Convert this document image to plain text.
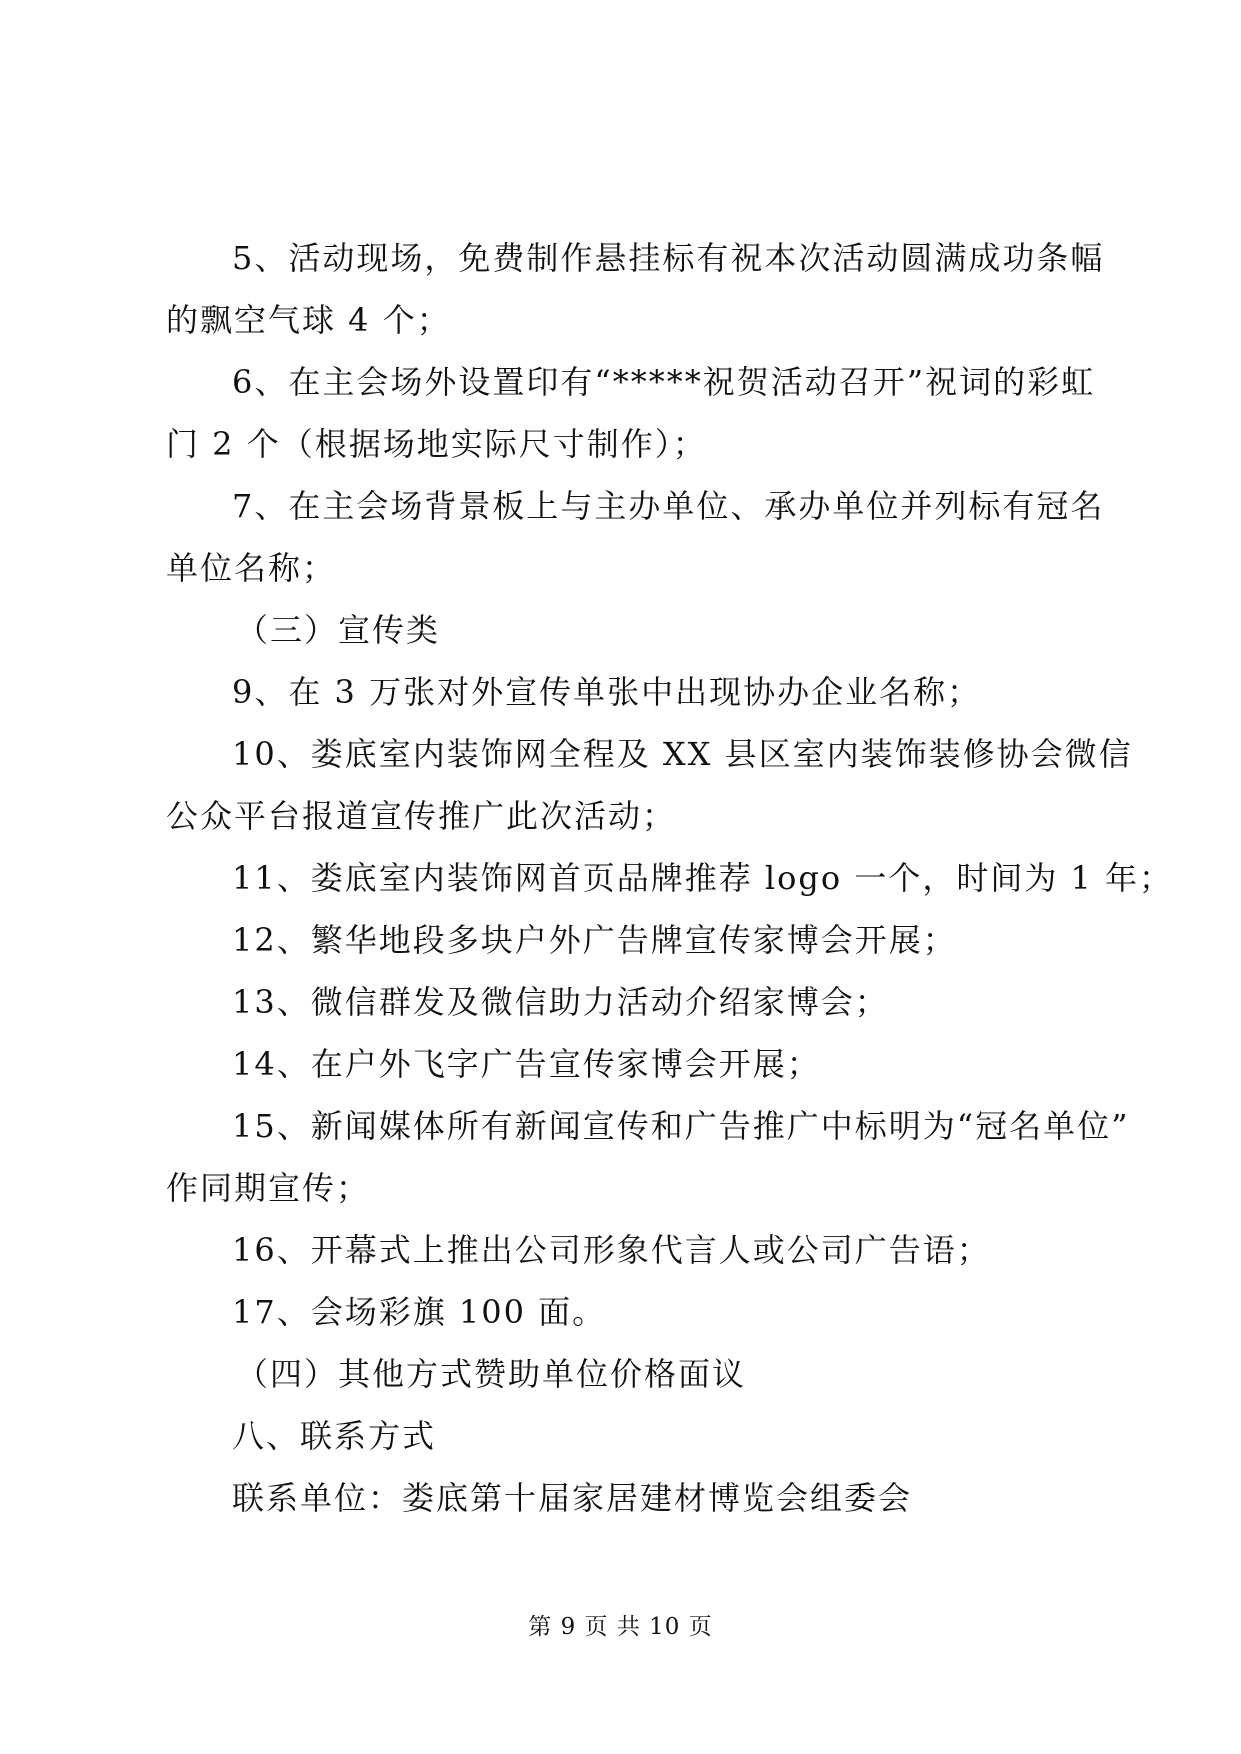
5、活动现场，免费制作悬挂标有祝本次活动圆满成功条幅
的飘空气球 4 个；
6、在主会场外设置印有“*****祝贺活动召开”祝词的彩虹
门 2 个（根据场地实际尺寸制作）；
7、在主会场背景板上与主办单位、承办单位并列标有冠名
单位名称；
（三）宣传类
9、在 3 万张对外宣传单张中出现协办企业名称；
10、娄底室内装饰网全程及 XX 县区室内装饰装修协会微信
公众平台报道宣传推广此次活动；
11、娄底室内装饰网首页品牌推荐 logo 一个，时间为 1 年；
12、繁华地段多块户外广告牌宣传家博会开展；
13、微信群发及微信助力活动介绍家博会；
14、在户外飞字广告宣传家博会开展；
15、新闻媒体所有新闻宣传和广告推广中标明为“冠名单位”
作同期宣传；
16、开幕式上推出公司形象代言人或公司广告语；
17、会场彩旗 100 面。
（四）其他方式赞助单位价格面议
八、联系方式
联系单位：娄底第十届家居建材博览会组委会
第 9 页 共 10 页
